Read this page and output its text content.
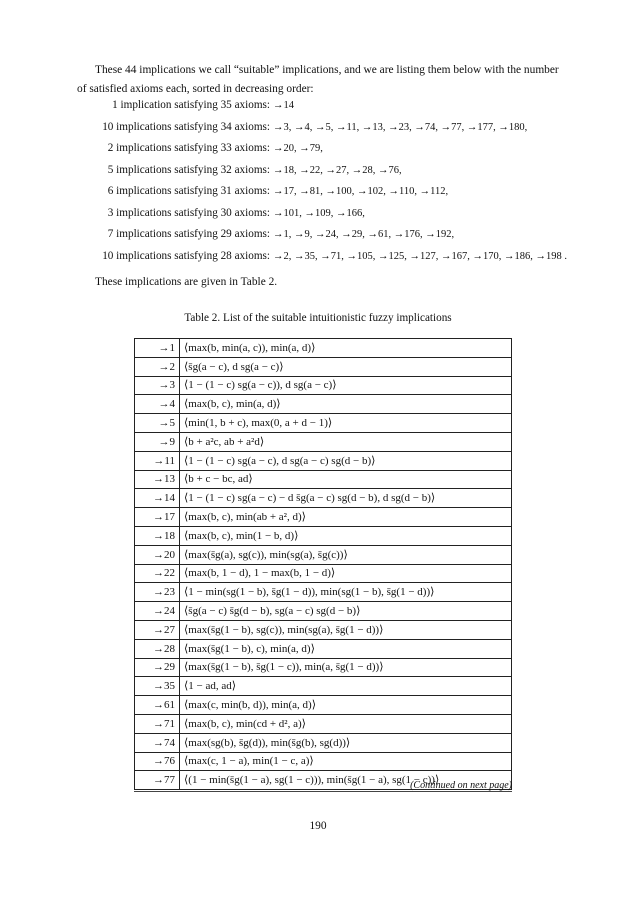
These 44 implications we call “suitable” implications, and we are listing them below with the number of satisfied axioms each, sorted in decreasing order:
1 implication satisfying 35 axioms: →14
10 implications satisfying 34 axioms: →3, →4, →5, →11, →13, →23, →74, →77, →177, →180,
2 implications satisfying 33 axioms: →20, →79,
5 implications satisfying 32 axioms: →18, →22, →27, →28, →76,
6 implications satisfying 31 axioms: →17, →81, →100, →102, →110, →112,
3 implications satisfying 30 axioms: →101, →109, →166,
7 implications satisfying 29 axioms: →1, →9, →24, →29, →61, →176, →192,
10 implications satisfying 28 axioms: →2, →35, →71, →105, →125, →127, →167, →170, →186, →198 .
These implications are given in Table 2.
Table 2. List of the suitable intuitionistic fuzzy implications
→1	⟨max(b, min(a, c)), min(a, d)⟩
→2	⟨s̄g(a − c), d sg(a − c)⟩
→3	⟨1 − (1 − c) sg(a − c)), d sg(a − c)⟩
→4	⟨max(b, c), min(a, d)⟩
→5	⟨min(1, b + c), max(0, a + d − 1)⟩
→9	⟨b + a²c, ab + a²d⟩
→11	⟨1 − (1 − c) sg(a − c), d sg(a − c) sg(d − b)⟩
→13	⟨b + c − bc, ad⟩
→14	⟨1 − (1 − c) sg(a − c) − d s̄g(a − c) sg(d − b), d sg(d − b)⟩
→17	⟨max(b, c), min(ab + a², d)⟩
→18	⟨max(b, c), min(1 − b, d)⟩
→20	⟨max(s̄g(a), sg(c)), min(sg(a), s̄g(c))⟩
→22	⟨max(b, 1 − d), 1 − max(b, 1 − d)⟩
→23	⟨1 − min(sg(1 − b), s̄g(1 − d)), min(sg(1 − b), s̄g(1 − d))⟩
→24	⟨s̄g(a − c) s̄g(d − b), sg(a − c) sg(d − b)⟩
→27	⟨max(s̄g(1 − b), sg(c)), min(sg(a), s̄g(1 − d))⟩
→28	⟨max(s̄g(1 − b), c), min(a, d)⟩
→29	⟨max(s̄g(1 − b), s̄g(1 − c)), min(a, s̄g(1 − d))⟩
→35	⟨1 − ad, ad⟩
→61	⟨max(c, min(b, d)), min(a, d)⟩
→71	⟨max(b, c), min(cd + d², a)⟩
→74	⟨max(sg(b), s̄g(d)), min(s̄g(b), sg(d))⟩
→76	⟨max(c, 1 − a), min(1 − c, a)⟩
→77	⟨(1 − min(s̄g(1 − a), sg(1 − c))), min(s̄g(1 − a), sg(1 − c))⟩
(Continued on next page)
190
